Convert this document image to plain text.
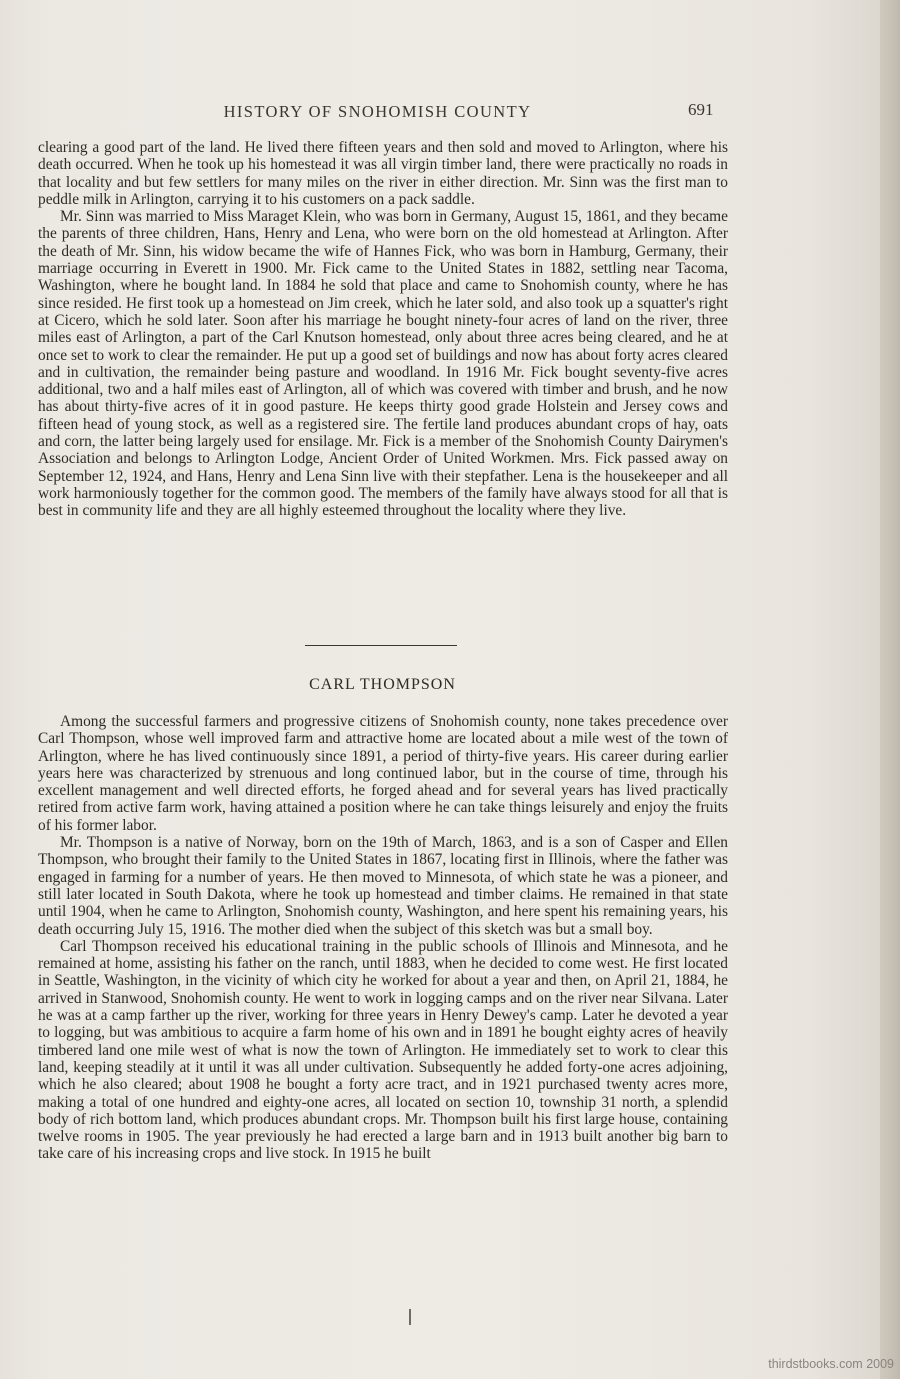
HISTORY OF SNOHOMISH COUNTY	691

clearing a good part of the land. He lived there fifteen years and then sold and moved to Arlington, where his death occurred. When he took up his homestead it was all virgin timber land, there were practically no roads in that locality and but few settlers for many miles on the river in either direction. Mr. Sinn was the first man to peddle milk in Arlington, carrying it to his customers on a pack saddle.

Mr. Sinn was married to Miss Maraget Klein, who was born in Germany, August 15, 1861, and they became the parents of three children, Hans, Henry and Lena, who were born on the old homestead at Arlington. After the death of Mr. Sinn, his widow became the wife of Hannes Fick, who was born in Hamburg, Germany, their marriage occurring in Everett in 1900. Mr. Fick came to the United States in 1882, settling near Tacoma, Washington, where he bought land. In 1884 he sold that place and came to Snohomish county, where he has since resided. He first took up a homestead on Jim creek, which he later sold, and also took up a squatter's right at Cicero, which he sold later. Soon after his marriage he bought ninety-four acres of land on the river, three miles east of Arlington, a part of the Carl Knutson homestead, only about three acres being cleared, and he at once set to work to clear the remainder. He put up a good set of buildings and now has about forty acres cleared and in cultivation, the remainder being pasture and woodland. In 1916 Mr. Fick bought seventy-five acres additional, two and a half miles east of Arlington, all of which was covered with timber and brush, and he now has about thirty-five acres of it in good pasture. He keeps thirty good grade Holstein and Jersey cows and fifteen head of young stock, as well as a registered sire. The fertile land produces abundant crops of hay, oats and corn, the latter being largely used for ensilage. Mr. Fick is a member of the Snohomish County Dairymen's Association and belongs to Arlington Lodge, Ancient Order of United Workmen. Mrs. Fick passed away on September 12, 1924, and Hans, Henry and Lena Sinn live with their stepfather. Lena is the housekeeper and all work harmoniously together for the common good. The members of the family have always stood for all that is best in community life and they are all highly esteemed throughout the locality where they live.

CARL THOMPSON

Among the successful farmers and progressive citizens of Snohomish county, none takes precedence over Carl Thompson, whose well improved farm and attractive home are located about a mile west of the town of Arlington, where he has lived continuously since 1891, a period of thirty-five years. His career during earlier years here was characterized by strenuous and long continued labor, but in the course of time, through his excellent management and well directed efforts, he forged ahead and for several years has lived practically retired from active farm work, having attained a position where he can take things leisurely and enjoy the fruits of his former labor.

Mr. Thompson is a native of Norway, born on the 19th of March, 1863, and is a son of Casper and Ellen Thompson, who brought their family to the United States in 1867, locating first in Illinois, where the father was engaged in farming for a number of years. He then moved to Minnesota, of which state he was a pioneer, and still later located in South Dakota, where he took up homestead and timber claims. He remained in that state until 1904, when he came to Arlington, Snohomish county, Washington, and here spent his remaining years, his death occurring July 15, 1916. The mother died when the subject of this sketch was but a small boy.

Carl Thompson received his educational training in the public schools of Illinois and Minnesota, and he remained at home, assisting his father on the ranch, until 1883, when he decided to come west. He first located in Seattle, Washington, in the vicinity of which city he worked for about a year and then, on April 21, 1884, he arrived in Stanwood, Snohomish county. He went to work in logging camps and on the river near Silvana. Later he was at a camp farther up the river, working for three years in Henry Dewey's camp. Later he devoted a year to logging, but was ambitious to acquire a farm home of his own and in 1891 he bought eighty acres of heavily timbered land one mile west of what is now the town of Arlington. He immediately set to work to clear this land, keeping steadily at it until it was all under cultivation. Subsequently he added forty-one acres adjoining, which he also cleared; about 1908 he bought a forty acre tract, and in 1921 purchased twenty acres more, making a total of one hundred and eighty-one acres, all located on section 10, township 31 north, a splendid body of rich bottom land, which produces abundant crops. Mr. Thompson built his first large house, containing twelve rooms in 1905. The year previously he had erected a large barn and in 1913 built another big barn to take care of his increasing crops and live stock. In 1915 he built

thirdstbooks.com 2009
